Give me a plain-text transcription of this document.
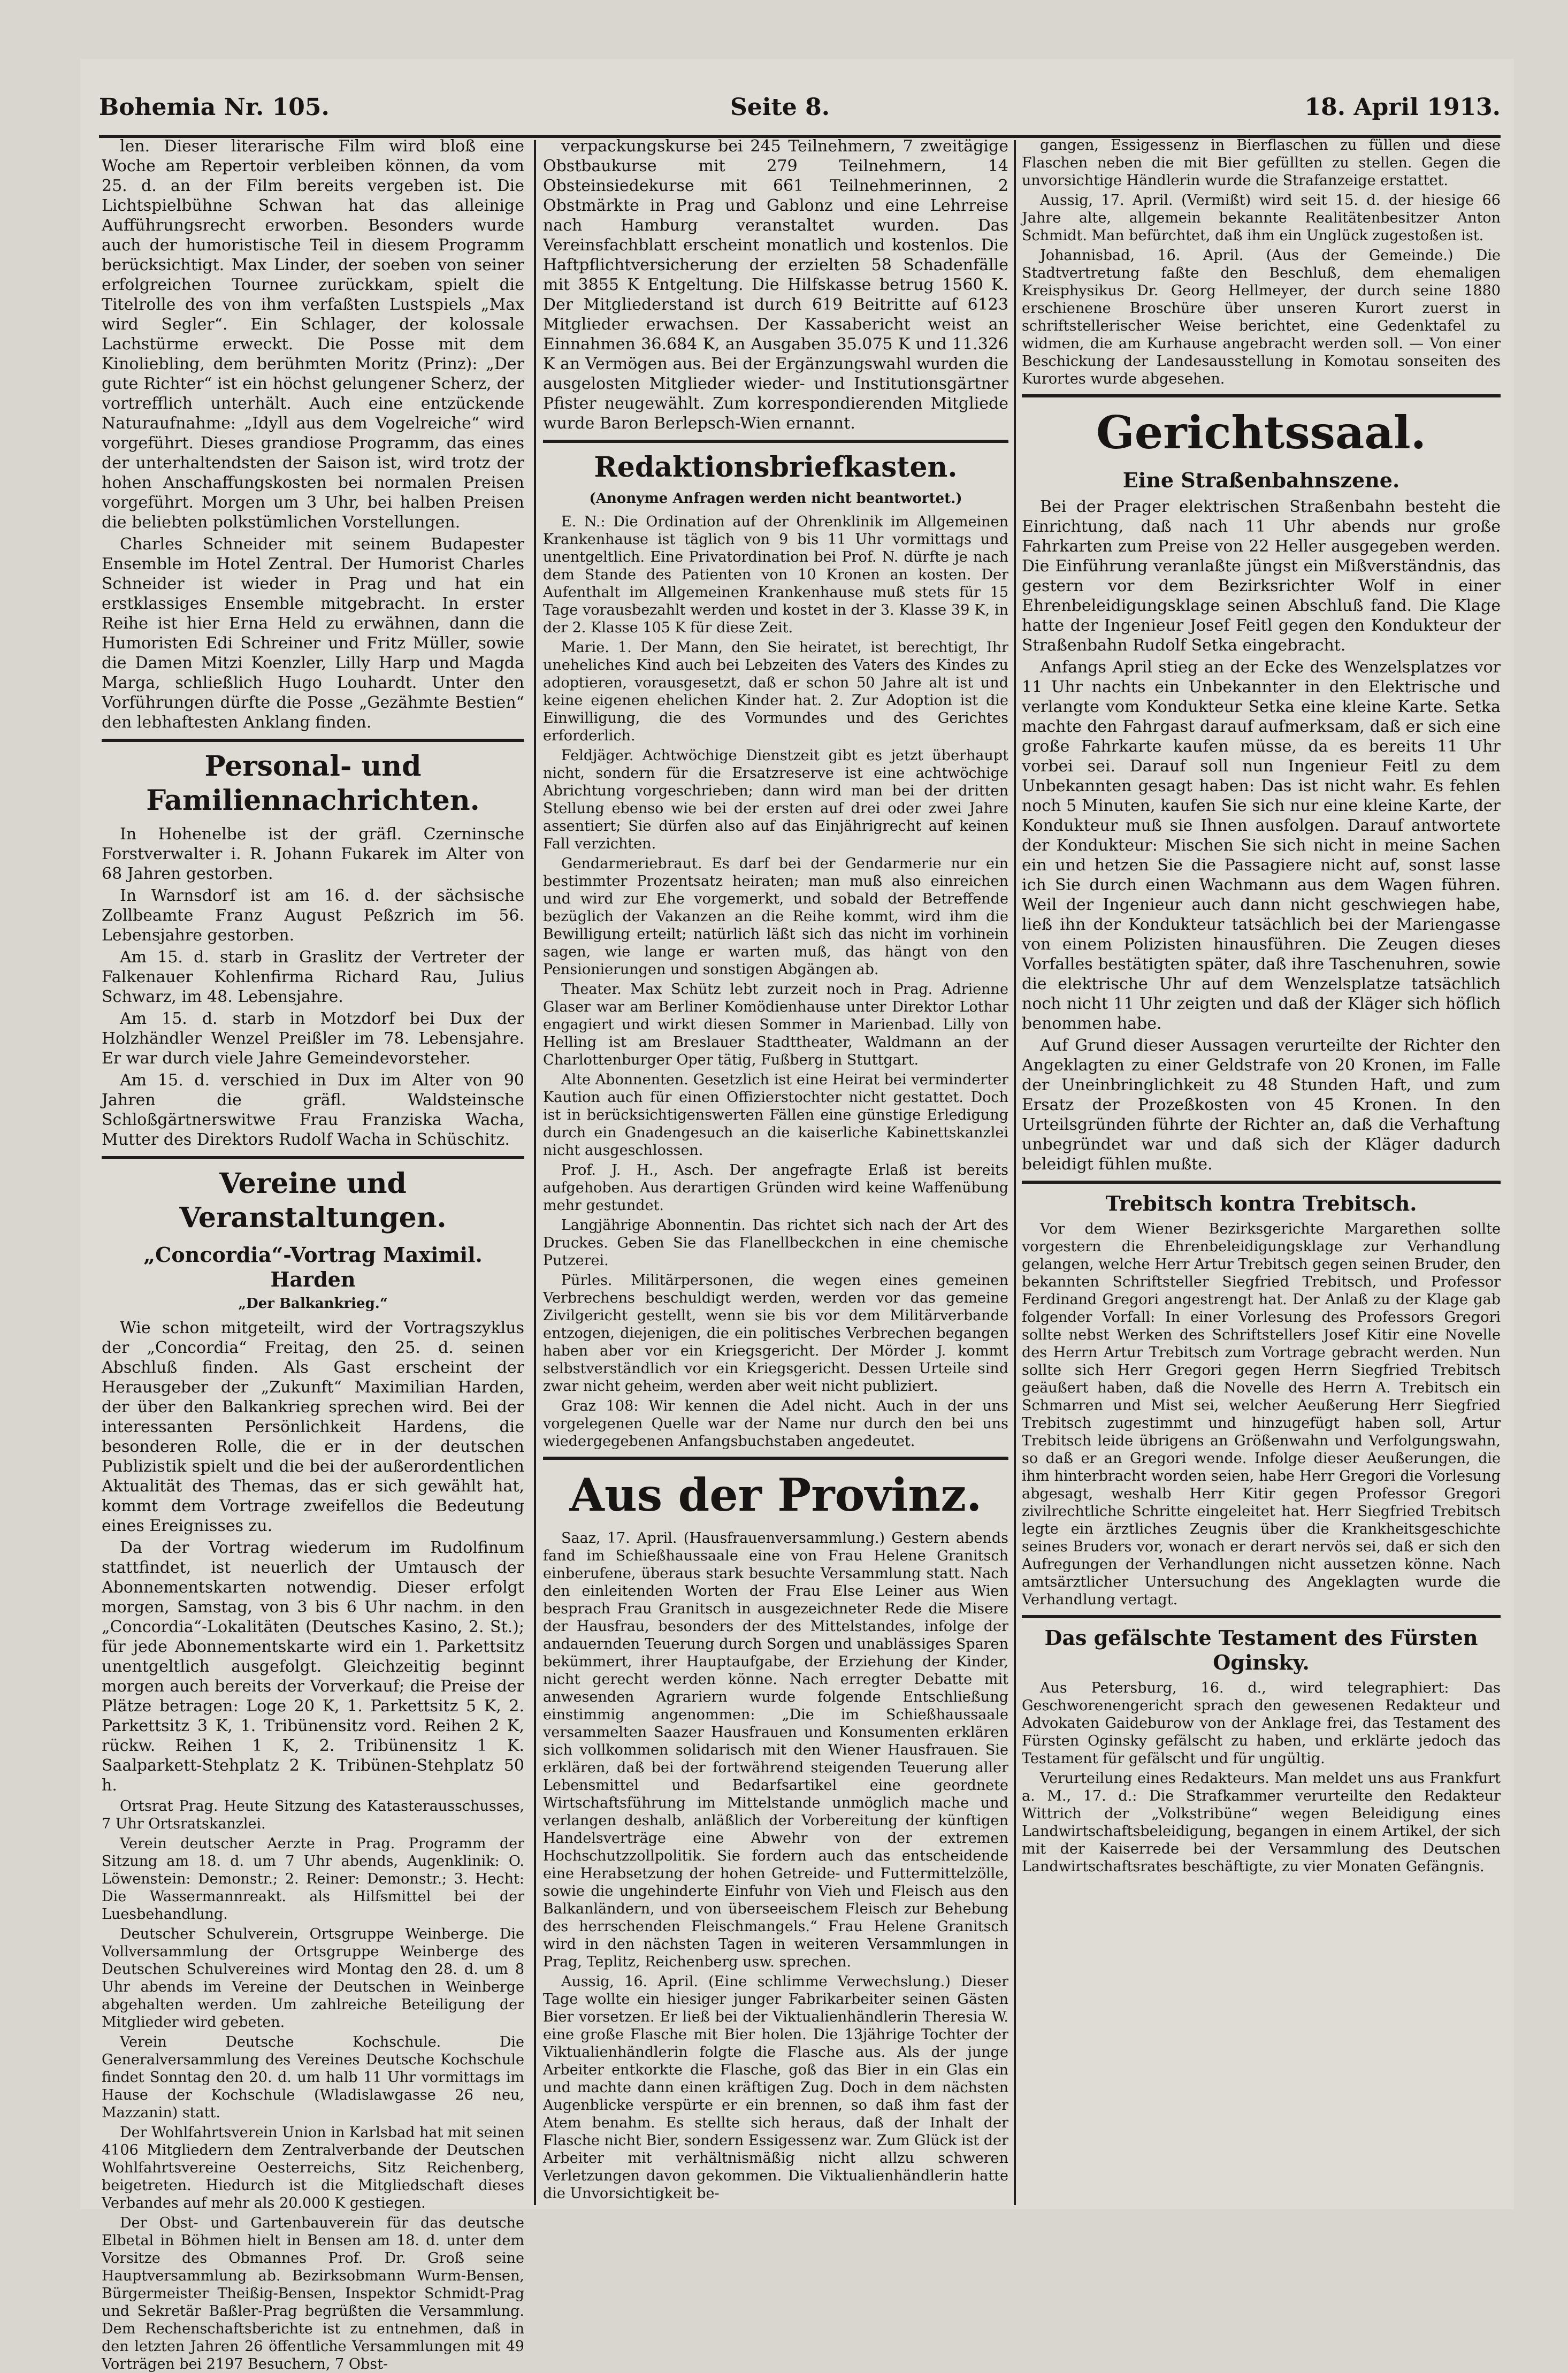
Bohemia Nr. 105.	Seite 8.	18. April 1913.

len. Dieser literarische Film wird bloß eine Woche am Repertoir verbleiben können, da vom 25. d. an der Film bereits vergeben ist. Die Lichtspielbühne Schwan hat das alleinige Aufführungsrecht erworben. Besonders wurde auch der humoristische Teil in diesem Programm berücksichtigt. Max Linder, der soeben von seiner erfolgreichen Tournee zurückkam, spielt die Titelrolle des von ihm verfaßten Lustspiels „Max wird Segler“. Ein Schlager, der kolossale Lachstürme erweckt. Die Posse mit dem Kinoliebling, dem berühmten Moritz (Prinz): „Der gute Richter“ ist ein höchst gelungener Scherz, der vortrefflich unterhält. Auch eine entzückende Naturaufnahme: „Idyll aus dem Vogelreiche“ wird vorgeführt. Dieses grandiose Programm, das eines der unterhaltendsten der Saison ist, wird trotz der hohen Anschaffungskosten bei normalen Preisen vorgeführt. Morgen um 3 Uhr, bei halben Preisen die beliebten polkstümlichen Vorstellungen.

Charles Schneider mit seinem Budapester Ensemble im Hotel Zentral. Der Humorist Charles Schneider ist wieder in Prag und hat ein erstklassiges Ensemble mitgebracht. In erster Reihe ist hier Erna Held zu erwähnen, dann die Humoristen Edi Schreiner und Fritz Müller, sowie die Damen Mitzi Koenzler, Lilly Harp und Magda Marga, schließlich Hugo Louhardt. Unter den Vorführungen dürfte die Posse „Gezähmte Bestien“ den lebhaftesten Anklang finden.

Personal- und Familiennachrichten.

In Hohenelbe ist der gräfl. Czerninsche Forstverwalter i. R. Johann Fukarek im Alter von 68 Jahren gestorben.

In Warnsdorf ist am 16. d. der sächsische Zollbeamte Franz August Peßzrich im 56. Lebensjahre gestorben.

Am 15. d. starb in Graslitz der Vertreter der Falkenauer Kohlenfirma Richard Rau, Julius Schwarz, im 48. Lebensjahre.

Am 15. d. starb in Motzdorf bei Dux der Holzhändler Wenzel Preißler im 78. Lebensjahre. Er war durch viele Jahre Gemeindevorsteher.

Am 15. d. verschied in Dux im Alter von 90 Jahren die gräfl. Waldsteinsche Schloßgärtnerswitwe Frau Franziska Wacha, Mutter des Direktors Rudolf Wacha in Schüschitz.

Vereine und Veranstaltungen.
„Concordia“-Vortrag Maximil. Harden
„Der Balkankrieg.“

Wie schon mitgeteilt, wird der Vortragszyklus der „Concordia“ Freitag, den 25. d. seinen Abschluß finden. Als Gast erscheint der Herausgeber der „Zukunft“ Maximilian Harden, der über den Balkankrieg sprechen wird. Bei der interessanten Persönlichkeit Hardens, die besonderen Rolle, die er in der deutschen Publizistik spielt und die bei der außerordentlichen Aktualität des Themas, das er sich gewählt hat, kommt dem Vortrage zweifellos die Bedeutung eines Ereignisses zu.

Da der Vortrag wiederum im Rudolfinum stattfindet, ist neuerlich der Umtausch der Abonnementskarten notwendig. Dieser erfolgt morgen, Samstag, von 3 bis 6 Uhr nachm. in den „Concordia“-Lokalitäten (Deutsches Kasino, 2. St.); für jede Abonnementskarte wird ein 1. Parkettsitz unentgeltlich ausgefolgt. Gleichzeitig beginnt morgen auch bereits der Vorverkauf; die Preise der Plätze betragen: Loge 20 K, 1. Parkettsitz 5 K, 2. Parkettsitz 3 K, 1. Tribünensitz vord. Reihen 2 K, rückw. Reihen 1 K, 2. Tribünensitz 1 K. Saalparkett-Stehplatz 2 K. Tribünen-Stehplatz 50 h.

Ortsrat Prag. Heute Sitzung des Katasterausschusses, 7 Uhr Ortsratskanzlei.

Verein deutscher Aerzte in Prag. Programm der Sitzung am 18. d. um 7 Uhr abends, Augenklinik: O. Löwenstein: Demonstr.; 2. Reiner: Demonstr.; 3. Hecht: Die Wassermannreakt. als Hilfsmittel bei der Luesbehandlung.

Deutscher Schulverein, Ortsgruppe Weinberge. Die Vollversammlung der Ortsgruppe Weinberge des Deutschen Schulvereines wird Montag den 28. d. um 8 Uhr abends im Vereine der Deutschen in Weinberge abgehalten werden. Um zahlreiche Beteiligung der Mitglieder wird gebeten.

Verein Deutsche Kochschule. Die Generalversammlung des Vereines Deutsche Kochschule findet Sonntag den 20. d. um halb 11 Uhr vormittags im Hause der Kochschule (Wladislawgasse 26 neu, Mazzanin) statt.

Der Wohlfahrtsverein Union in Karlsbad hat mit seinen 4106 Mitgliedern dem Zentralverbande der Deutschen Wohlfahrtsvereine Oesterreichs, Sitz Reichenberg, beigetreten. Hiedurch ist die Mitgliedschaft dieses Verbandes auf mehr als 20.000 K gestiegen.

Der Obst- und Gartenbauverein für das deutsche Elbetal in Böhmen hielt in Bensen am 18. d. unter dem Vorsitze des Obmannes Prof. Dr. Groß seine Hauptversammlung ab. Bezirksobmann Wurm-Bensen, Bürgermeister Theißig-Bensen, Inspektor Schmidt-Prag und Sekretär Baßler-Prag begrüßten die Versammlung. Dem Rechenschaftsberichte ist zu entnehmen, daß in den letzten Jahren 26 öffentliche Versammlungen mit 49 Vorträgen bei 2197 Besuchern, 7 Obst-

verpackungskurse bei 245 Teilnehmern, 7 zweitägige Obstbaukurse mit 279 Teilnehmern, 14 Obsteinsiedekurse mit 661 Teilnehmerinnen, 2 Obstmärkte in Prag und Gablonz und eine Lehrreise nach Hamburg veranstaltet wurden. Das Vereinsfachblatt erscheint monatlich und kostenlos. Die Haftpflichtversicherung der erzielten 58 Schadenfälle mit 3855 K Entgeltung. Die Hilfskasse betrug 1560 K. Der Mitgliederstand ist durch 619 Beitritte auf 6123 Mitglieder erwachsen. Der Kassabericht weist an Einnahmen 36.684 K, an Ausgaben 35.075 K und 11.326 K an Vermögen aus. Bei der Ergänzungswahl wurden die ausgelosten Mitglieder wieder- und Institutionsgärtner Pfister neugewählt. Zum korrespondierenden Mitgliede wurde Baron Berlepsch-Wien ernannt.

Redaktionsbriefkasten.
(Anonyme Anfragen werden nicht beantwortet.)

E. N.: Die Ordination auf der Ohrenklinik im Allgemeinen Krankenhause ist täglich von 9 bis 11 Uhr vormittags und unentgeltlich. Eine Privatordination bei Prof. N. dürfte je nach dem Stande des Patienten von 10 Kronen an kosten. Der Aufenthalt im Allgemeinen Krankenhause muß stets für 15 Tage vorausbezahlt werden und kostet in der 3. Klasse 39 K, in der 2. Klasse 105 K für diese Zeit.

Marie. 1. Der Mann, den Sie heiratet, ist berechtigt, Ihr uneheliches Kind auch bei Lebzeiten des Vaters des Kindes zu adoptieren, vorausgesetzt, daß er schon 50 Jahre alt ist und keine eigenen ehelichen Kinder hat. 2. Zur Adoption ist die Einwilligung, die des Vormundes und des Gerichtes erforderlich.

Feldjäger. Achtwöchige Dienstzeit gibt es jetzt überhaupt nicht, sondern für die Ersatzreserve ist eine achtwöchige Abrichtung vorgeschrieben; dann wird man bei der dritten Stellung ebenso wie bei der ersten auf drei oder zwei Jahre assentiert; Sie dürfen also auf das Einjährigrecht auf keinen Fall verzichten.

Gendarmeriebraut. Es darf bei der Gendarmerie nur ein bestimmter Prozentsatz heiraten; man muß also einreichen und wird zur Ehe vorgemerkt, und sobald der Betreffende bezüglich der Vakanzen an die Reihe kommt, wird ihm die Bewilligung erteilt; natürlich läßt sich das nicht im vorhinein sagen, wie lange er warten muß, das hängt von den Pensionierungen und sonstigen Abgängen ab.

Theater. Max Schütz lebt zurzeit noch in Prag. Adrienne Glaser war am Berliner Komödienhause unter Direktor Lothar engagiert und wirkt diesen Sommer in Marienbad. Lilly von Helling ist am Breslauer Stadttheater, Waldmann an der Charlottenburger Oper tätig, Fußberg in Stuttgart.

Alte Abonnenten. Gesetzlich ist eine Heirat bei verminderter Kaution auch für einen Offizierstochter nicht gestattet. Doch ist in berücksichtigenswerten Fällen eine günstige Erledigung durch ein Gnadengesuch an die kaiserliche Kabinettskanzlei nicht ausgeschlossen.

Prof. J. H., Asch. Der angefragte Erlaß ist bereits aufgehoben. Aus derartigen Gründen wird keine Waffenübung mehr gestundet.

Langjährige Abonnentin. Das richtet sich nach der Art des Druckes. Geben Sie das Flanellbeckchen in eine chemische Putzerei.

Pürles. Militärpersonen, die wegen eines gemeinen Verbrechens beschuldigt werden, werden vor das gemeine Zivilgericht gestellt, wenn sie bis vor dem Militärverbande entzogen, diejenigen, die ein politisches Verbrechen begangen haben aber vor ein Kriegsgericht. Der Mörder J. kommt selbstverständlich vor ein Kriegsgericht. Dessen Urteile sind zwar nicht geheim, werden aber weit nicht publiziert.

Graz 108: Wir kennen die Adel nicht. Auch in der uns vorgelegenen Quelle war der Name nur durch den bei uns wiedergegebenen Anfangsbuchstaben angedeutet.

Aus der Provinz.

Saaz, 17. April. (Hausfrauenversammlung.) Gestern abends fand im Schießhaussaale eine von Frau Helene Granitsch einberufene, überaus stark besuchte Versammlung statt. Nach den einleitenden Worten der Frau Else Leiner aus Wien besprach Frau Granitsch in ausgezeichneter Rede die Misere der Hausfrau, besonders der des Mittelstandes, infolge der andauernden Teuerung durch Sorgen und unablässiges Sparen bekümmert, ihrer Hauptaufgabe, der Erziehung der Kinder, nicht gerecht werden könne. Nach erregter Debatte mit anwesenden Agrariern wurde folgende Entschließung einstimmig angenommen: „Die im Schießhaussaale versammelten Saazer Hausfrauen und Konsumenten erklären sich vollkommen solidarisch mit den Wiener Hausfrauen. Sie erklären, daß bei der fortwährend steigenden Teuerung aller Lebensmittel und Bedarfsartikel eine geordnete Wirtschaftsführung im Mittelstande unmöglich mache und verlangen deshalb, anläßlich der Vorbereitung der künftigen Handelsverträge eine Abwehr von der extremen Hochschutzzollpolitik. Sie fordern auch das entscheidende eine Herabsetzung der hohen Getreide- und Futtermittelzölle, sowie die ungehinderte Einfuhr von Vieh und Fleisch aus den Balkanländern, und von überseeischem Fleisch zur Behebung des herrschenden Fleischmangels.“ Frau Helene Granitsch wird in den nächsten Tagen in weiteren Versammlungen in Prag, Teplitz, Reichenberg usw. sprechen.

Aussig, 16. April. (Eine schlimme Verwechslung.) Dieser Tage wollte ein hiesiger junger Fabrikarbeiter seinen Gästen Bier vorsetzen. Er ließ bei der Viktualienhändlerin Theresia W. eine große Flasche mit Bier holen. Die 13jährige Tochter der Viktualienhändlerin folgte die Flasche aus. Als der junge Arbeiter entkorkte die Flasche, goß das Bier in ein Glas ein und machte dann einen kräftigen Zug. Doch in dem nächsten Augenblicke verspürte er ein brennen, so daß ihm fast der Atem benahm. Es stellte sich heraus, daß der Inhalt der Flasche nicht Bier, sondern Essigessenz war. Zum Glück ist der Arbeiter mit verhältnismäßig nicht allzu schweren Verletzungen davon gekommen. Die Viktualienhändlerin hatte die Unvorsichtigkeit be-

gangen, Essigessenz in Bierflaschen zu füllen und diese Flaschen neben die mit Bier gefüllten zu stellen. Gegen die unvorsichtige Händlerin wurde die Strafanzeige erstattet.

Aussig, 17. April. (Vermißt) wird seit 15. d. der hiesige 66 Jahre alte, allgemein bekannte Realitätenbesitzer Anton Schmidt. Man befürchtet, daß ihm ein Unglück zugestoßen ist.

Johannisbad, 16. April. (Aus der Gemeinde.) Die Stadtvertretung faßte den Beschluß, dem ehemaligen Kreisphysikus Dr. Georg Hellmeyer, der durch seine 1880 erschienene Broschüre über unseren Kurort zuerst in schriftstellerischer Weise berichtet, eine Gedenktafel zu widmen, die am Kurhause angebracht werden soll. — Von einer Beschickung der Landesausstellung in Komotau sonseiten des Kurortes wurde abgesehen.

Gerichtssaal.
Eine Straßenbahnszene.

Bei der Prager elektrischen Straßenbahn besteht die Einrichtung, daß nach 11 Uhr abends nur große Fahrkarten zum Preise von 22 Heller ausgegeben werden. Die Einführung veranlaßte jüngst ein Mißverständnis, das gestern vor dem Bezirksrichter Wolf in einer Ehrenbeleidigungsklage seinen Abschluß fand. Die Klage hatte der Ingenieur Josef Feitl gegen den Kondukteur der Straßenbahn Rudolf Setka eingebracht.

Anfangs April stieg an der Ecke des Wenzelsplatzes vor 11 Uhr nachts ein Unbekannter in den Elektrische und verlangte vom Kondukteur Setka eine kleine Karte. Setka machte den Fahrgast darauf aufmerksam, daß er sich eine große Fahrkarte kaufen müsse, da es bereits 11 Uhr vorbei sei. Darauf soll nun Ingenieur Feitl zu dem Unbekannten gesagt haben: Das ist nicht wahr. Es fehlen noch 5 Minuten, kaufen Sie sich nur eine kleine Karte, der Kondukteur muß sie Ihnen ausfolgen. Darauf antwortete der Kondukteur: Mischen Sie sich nicht in meine Sachen ein und hetzen Sie die Passagiere nicht auf, sonst lasse ich Sie durch einen Wachmann aus dem Wagen führen. Weil der Ingenieur auch dann nicht geschwiegen habe, ließ ihn der Kondukteur tatsächlich bei der Mariengasse von einem Polizisten hinausführen. Die Zeugen dieses Vorfalles bestätigten später, daß ihre Taschenuhren, sowie die elektrische Uhr auf dem Wenzelsplatze tatsächlich noch nicht 11 Uhr zeigten und daß der Kläger sich höflich benommen habe.

Auf Grund dieser Aussagen verurteilte der Richter den Angeklagten zu einer Geldstrafe von 20 Kronen, im Falle der Uneinbringlichkeit zu 48 Stunden Haft, und zum Ersatz der Prozeßkosten von 45 Kronen. In den Urteilsgründen führte der Richter an, daß die Verhaftung unbegründet war und daß sich der Kläger dadurch beleidigt fühlen mußte.

Trebitsch kontra Trebitsch.

Vor dem Wiener Bezirksgerichte Margarethen sollte vorgestern die Ehrenbeleidigungsklage zur Verhandlung gelangen, welche Herr Artur Trebitsch gegen seinen Bruder, den bekannten Schriftsteller Siegfried Trebitsch, und Professor Ferdinand Gregori angestrengt hat. Der Anlaß zu der Klage gab folgender Vorfall: In einer Vorlesung des Professors Gregori sollte nebst Werken des Schriftstellers Josef Kitir eine Novelle des Herrn Artur Trebitsch zum Vortrage gebracht werden. Nun sollte sich Herr Gregori gegen Herrn Siegfried Trebitsch geäußert haben, daß die Novelle des Herrn A. Trebitsch ein Schmarren und Mist sei, welcher Aeußerung Herr Siegfried Trebitsch zugestimmt und hinzugefügt haben soll, Artur Trebitsch leide übrigens an Größenwahn und Verfolgungswahn, so daß er an Gregori wende. Infolge dieser Aeußerungen, die ihm hinterbracht worden seien, habe Herr Gregori die Vorlesung abgesagt, weshalb Herr Kitir gegen Professor Gregori zivilrechtliche Schritte eingeleitet hat. Herr Siegfried Trebitsch legte ein ärztliches Zeugnis über die Krankheitsgeschichte seines Bruders vor, wonach er derart nervös sei, daß er sich den Aufregungen der Verhandlungen nicht aussetzen könne. Nach amtsärztlicher Untersuchung des Angeklagten wurde die Verhandlung vertagt.

Das gefälschte Testament des Fürsten Oginsky.

Aus Petersburg, 16. d., wird telegraphiert: Das Geschworenengericht sprach den gewesenen Redakteur und Advokaten Gaideburow von der Anklage frei, das Testament des Fürsten Oginsky gefälscht zu haben, und erklärte jedoch das Testament für gefälscht und für ungültig.

Verurteilung eines Redakteurs. Man meldet uns aus Frankfurt a. M., 17. d.: Die Strafkammer verurteilte den Redakteur Wittrich der „Volkstribüne“ wegen Beleidigung eines Landwirtschaftsbeleidigung, begangen in einem Artikel, der sich mit der Kaiserrede bei der Versammlung des Deutschen Landwirtschaftsrates beschäftigte, zu vier Monaten Gefängnis.
